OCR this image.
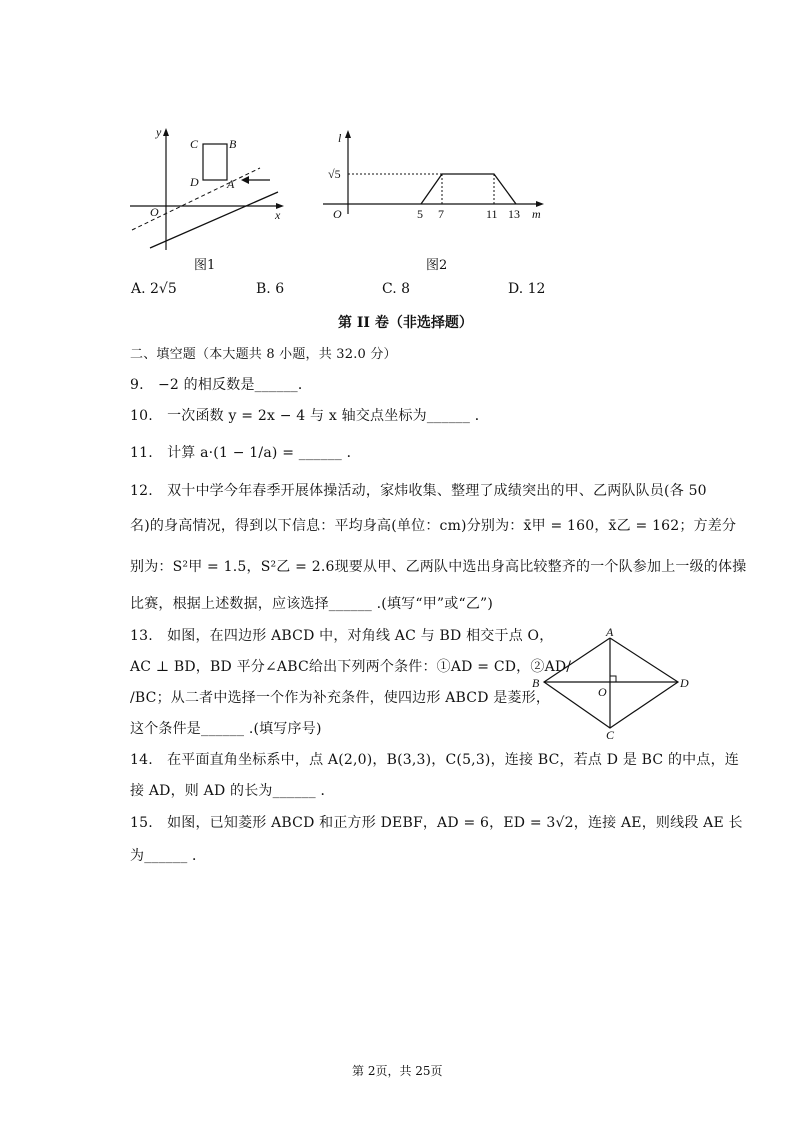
y
x
O
C	B
D A
图1
l
m
O
√5
5 7	11 13
图2
A. 2√5	B. 6	C. 8	D. 12
第 II 卷（非选择题）
二、填空题（本大题共 8 小题，共 32.0 分）
9.　−2 的相反数是______．
10.　一次函数 y = 2x − 4 与 x 轴交点坐标为______ ．
11.　计算 a·(1 − 1/a) = ______ ．
12.　双十中学今年春季开展体操活动，家炜收集、整理了成绩突出的甲、乙两队队员(各 50
名)的身高情况，得到以下信息：平均身高(单位：cm)分别为：x̄甲 = 160，x̄乙 = 162；方差分
别为：S²甲 = 1.5，S²乙 = 2.6现要从甲、乙两队中选出身高比较整齐的一个队参加上一级的体操
比赛，根据上述数据，应该选择______ .(填写“甲”或“乙”)
13.　如图，在四边形 ABCD 中，对角线 AC 与 BD 相交于点 O，
AC ⊥ BD，BD 平分∠ABC给出下列两个条件：①AD = CD，②AD/
/BC；从二者中选择一个作为补充条件，使四边形 ABCD 是菱形，
这个条件是______ .(填写序号)
A
B	D
C
O
14.　在平面直角坐标系中，点 A(2,0)，B(3,3)，C(5,3)，连接 BC，若点 D 是 BC 的中点，连
接 AD，则 AD 的长为______ ．
15.　如图，已知菱形 ABCD 和正方形 DEBF，AD = 6，ED = 3√2，连接 AE，则线段 AE 长
为______ ．
第 2页，共 25页
